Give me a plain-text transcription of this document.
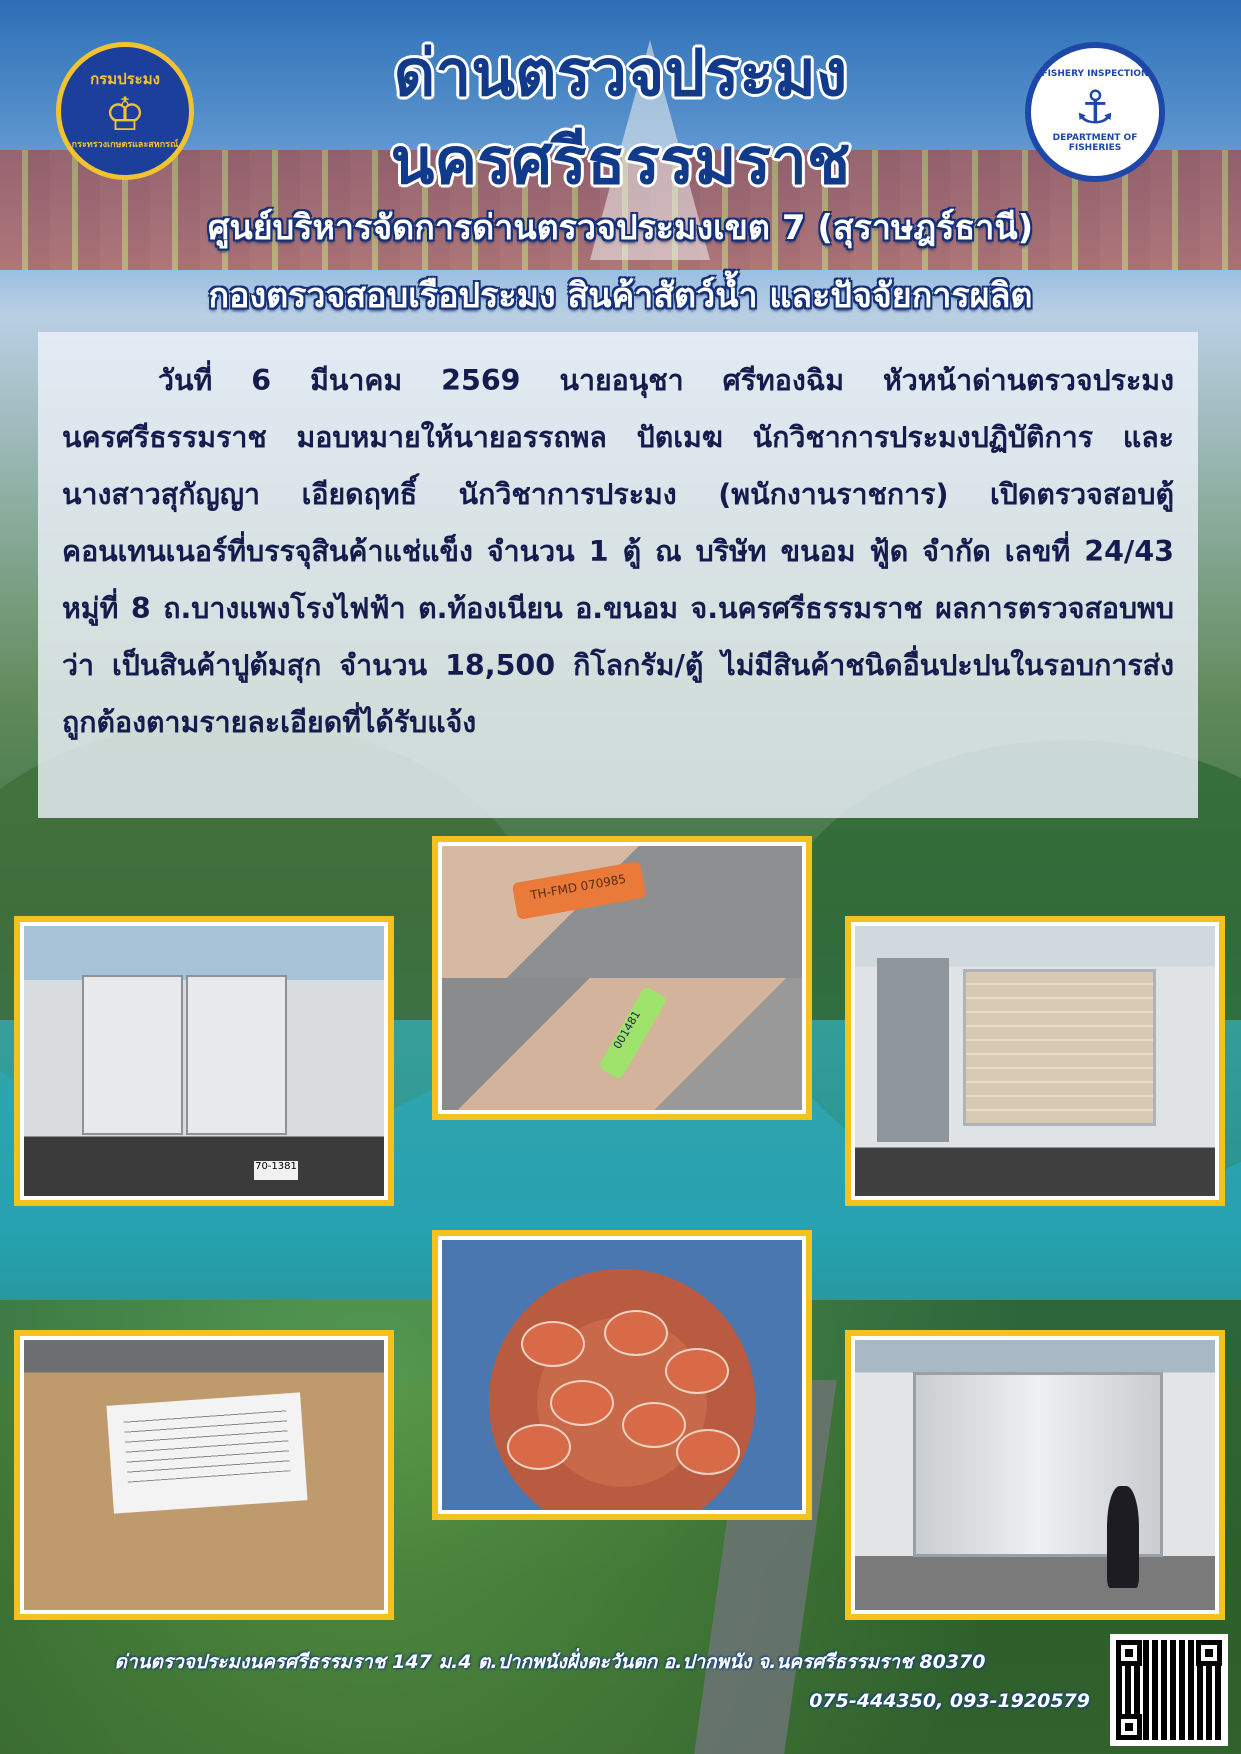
กรมประมง
♔
กระทรวงเกษตรและสหกรณ์
FISHERY INSPECTION
⚓
DEPARTMENT OF FISHERIES
ด่านตรวจประมง
นครศรีธรรมราช
ศูนย์บริหารจัดการด่านตรวจประมงเขต 7 (สุราษฎร์ธานี)
กองตรวจสอบเรือประมง สินค้าสัตว์น้ำ และปัจจัยการผลิต

วันที่ 6 มีนาคม 2569 นายอนุชา ศรีทองฉิม หัวหน้าด่านตรวจประมงนครศรีธรรมราช มอบหมายให้นายอรรถพล ปัตเมฆ นักวิชาการประมงปฏิบัติการ และนางสาวสุกัญญา เอียดฤทธิ์ นักวิชาการประมง (พนักงานราชการ) เปิดตรวจสอบตู้คอนเทนเนอร์ที่บรรจุสินค้าแช่แข็ง จำนวน 1 ตู้ ณ บริษัท ขนอม ฟู้ด จำกัด เลขที่ 24/43 หมู่ที่ 8 ถ.บางแพงโรงไฟฟ้า ต.ท้องเนียน อ.ขนอม จ.นครศรีธรรมราช ผลการตรวจสอบพบว่า เป็นสินค้าปูต้มสุก จำนวน 18,500 กิโลกรัม/ตู้ ไม่มีสินค้าชนิดอื่นปะปนในรอบการส่ง ถูกต้องตามรายละเอียดที่ได้รับแจ้ง

70-1381
TH-FMD 070985
001481
ด่านตรวจประมงนครศรีธรรมราช 147 ม.4 ต.ปากพนังฝั่งตะวันตก อ.ปากพนัง จ.นครศรีธรรมราช 80370
075-444350, 093-1920579
